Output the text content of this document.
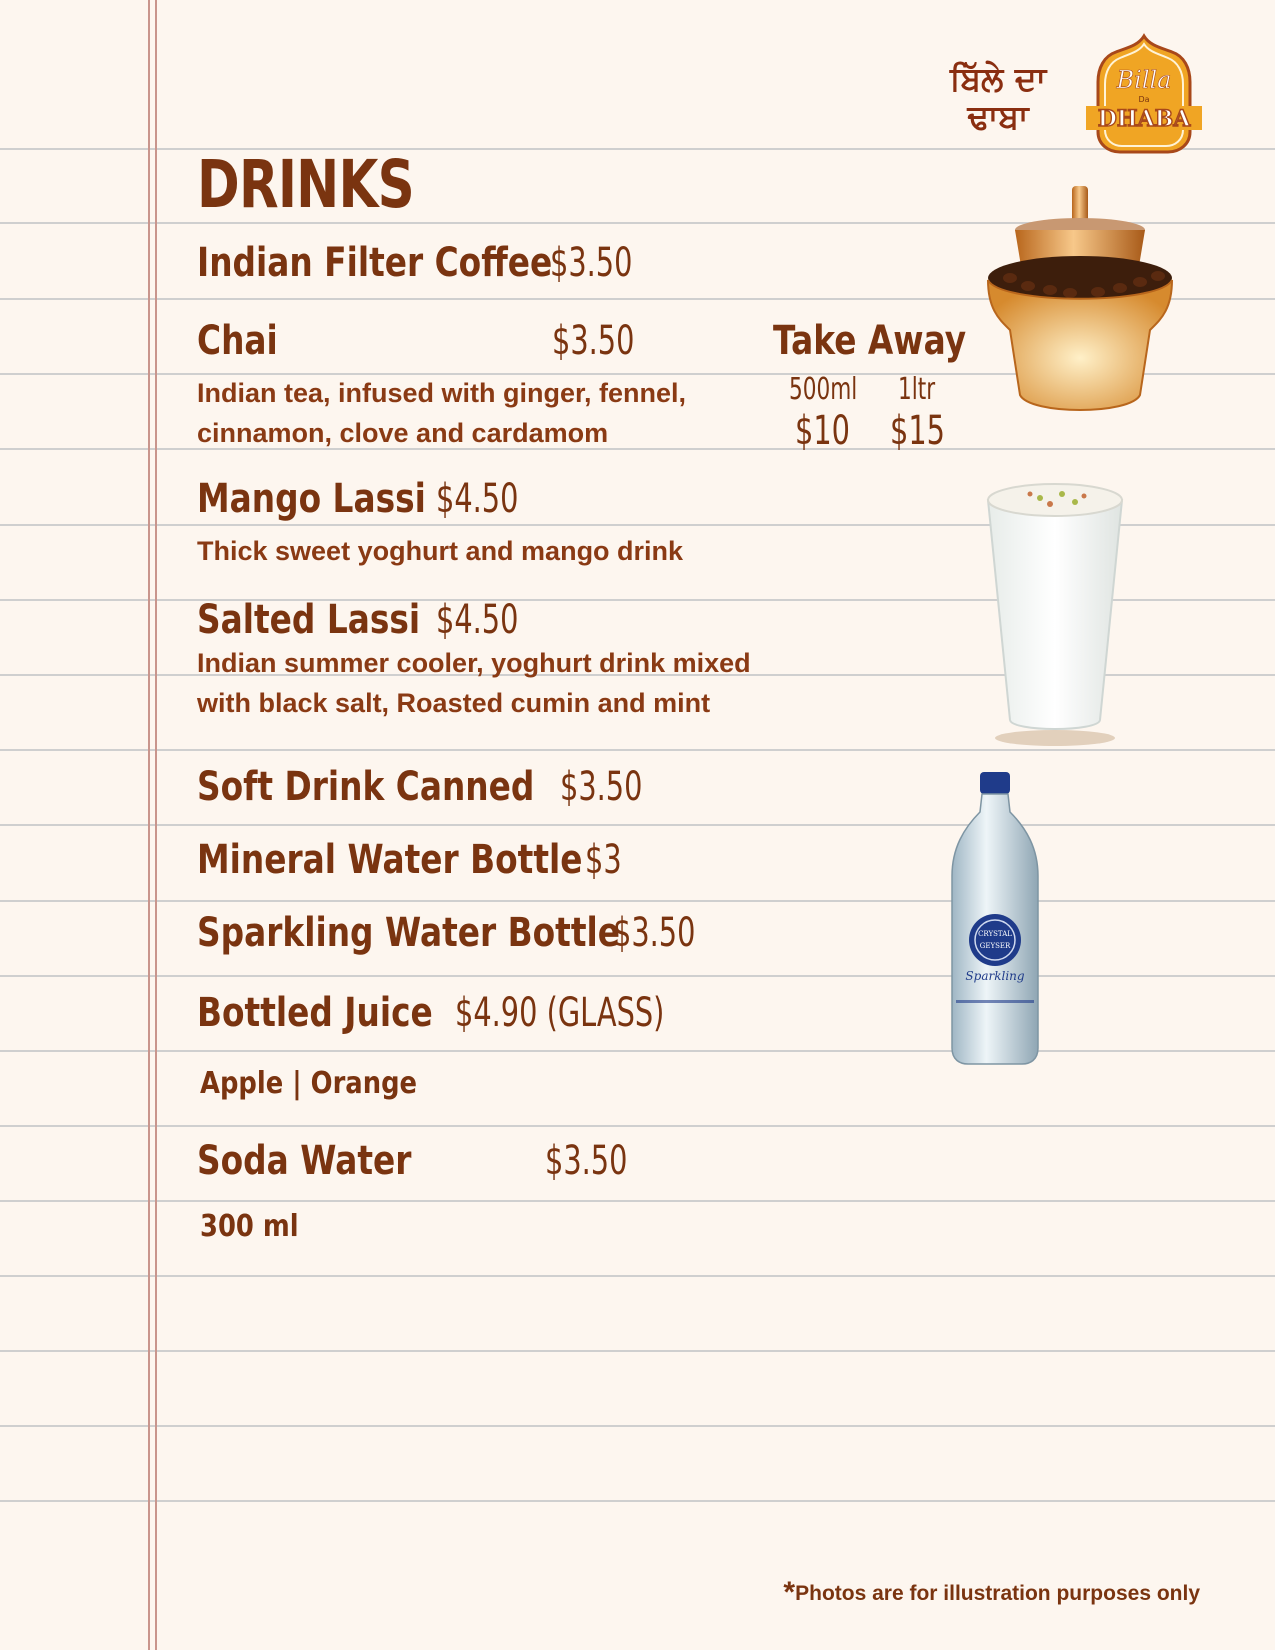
ਬਿੱਲੇ ਦਾ
ਢਾਬਾ
Billa
Da
DHABA
DRINKS
Indian Filter Coffee
$3.50
Chai	$3.50	Take Away
Indian tea, infused with ginger, fennel,
cinnamon, clove and cardamom
500ml 1ltr
$10 $15
Mango Lassi $4.50
Thick sweet yoghurt and mango drink
Salted Lassi $4.50
Indian summer cooler, yoghurt drink mixed
with black salt, Roasted cumin and mint
Soft Drink Canned $3.50
Mineral Water Bottle $3
Sparkling Water Bottle
$3.50
Bottled Juice $4.90 (GLASS)
Apple | Orange
Soda Water	$3.50
300 ml
CRYSTAL
GEYSER
Sparkling
*Photos are for illustration purposes only
